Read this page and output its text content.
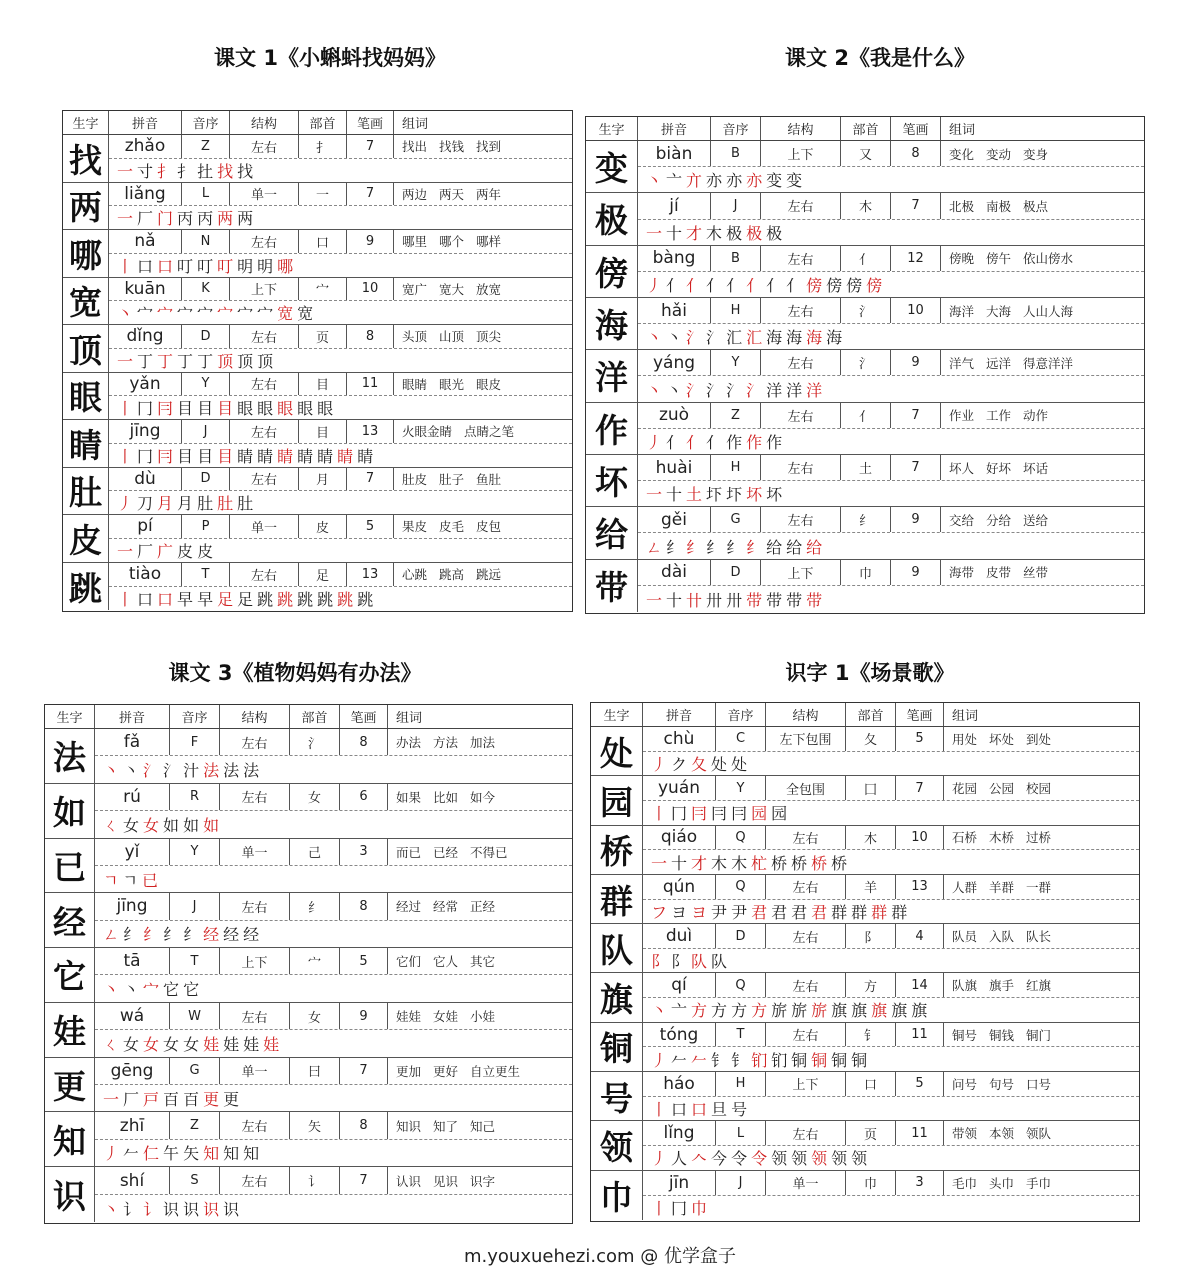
生字	拼音	音序	结构	部首	笔画	组词
找	zhǎo	Z	左右	扌	7	找出 找钱 找到
一 寸 扌 扌 扗 找 找
两	liǎng	L	单一	一	7	两边 两天 两年
一 厂 门 丙 丙 两 两
哪	nǎ	N	左右	口	9	哪里 哪个 哪样
丨 口 口 叮 叮 叮 明 明 哪
宽	kuān	K	上下	宀	10	宽广 宽大 放宽
丶 宀 宀 宀 宀 宀 宀 宀 宽 宽
顶	dǐng	D	左右	页	8	头顶 山顶 顶尖
一 丁 丁 丁 丁 顶 顶 顶
眼	yǎn	Y	左右	目	11	眼睛 眼光 眼皮
丨 冂 冃 目 目 目 眼 眼 眼 眼 眼
睛	jīng	J	左右	目	13	火眼金睛 点睛之笔
丨 冂 冃 目 目 目 睛 睛 睛 睛 睛 睛 睛
肚	dù	D	左右	月	7	肚皮 肚子 鱼肚
丿 刀 月 月 肚 肚 肚
皮	pí	P	单一	皮	5	果皮 皮毛 皮包
一 厂 广 皮 皮
跳	tiào	T	左右	足	13	心跳 跳高 跳远
丨 口 口 早 早 足 足 跳 跳 跳 跳 跳 跳
生字	拼音	音序	结构	部首	笔画	组词
变	biàn	B	上下	又	8	变化 变动 变身
丶 亠 亣 亦 亦 亦 变 变
极	jí	J	左右	木	7	北极 南极 极点
一 十 才 木 极 极 极
傍	bàng	B	左右	亻	12	傍晚 傍午 依山傍水
丿 亻 亻 亻 亻 亻 亻 亻 傍 傍 傍 傍
海	hǎi	H	左右	氵	10	海洋 大海 人山人海
丶 丶 氵 氵 汇 汇 海 海 海 海
洋	yáng	Y	左右	氵	9	洋气 远洋 得意洋洋
丶 丶 氵 氵 氵 氵 洋 洋 洋
作	zuò	Z	左右	亻	7	作业 工作 动作
丿 亻 亻 亻 作 作 作
坏	huài	H	左右	土	7	坏人 好坏 坏话
一 十 土 圷 圷 坏 坏
给	gěi	G	左右	纟	9	交给 分给 送给
ㄥ 纟 纟 纟 纟 纟 给 给 给
带	dài	D	上下	巾	9	海带 皮带 丝带
一 十 卄 卅 卅 带 带 带 带
生字	拼音	音序	结构	部首	笔画	组词
法	fǎ	F	左右	氵	8	办法 方法 加法
丶 丶 氵 氵 汁 法 法 法
如	rú	R	左右	女	6	如果 比如 如今
ㄑ 女 女 如 如 如
已	yǐ	Y	单一	己	3	而已 已经 不得已
ㄱ ㄱ 已
经	jīng	J	左右	纟	8	经过 经常 正经
ㄥ 纟 纟 纟 纟 经 经 经
它	tā	T	上下	宀	5	它们 它人 其它
丶 丶 宀 它 它
娃	wá	W	左右	女	9	娃娃 女娃 小娃
ㄑ 女 女 女 女 娃 娃 娃 娃
更	gēng	G	单一	曰	7	更加 更好 自立更生
一 厂 戸 百 百 更 更
知	zhī	Z	左右	矢	8	知识 知了 知己
丿 𠂉 仁 午 矢 知 知 知
识	shí	S	左右	讠	7	认识 见识 识字
丶 讠 讠 识 识 识 识
生字	拼音	音序	结构	部首	笔画	组词
处	chù	C	左下包围	夂	5	用处 坏处 到处
丿 ク 夂 处 处
园	yuán	Y	全包围	囗	7	花园 公园 校园
丨 冂 冃 冃 冃 园 园
桥	qiáo	Q	左右	木	10	石桥 木桥 过桥
一 十 才 木 木 杧 桥 桥 桥 桥
群	qún	Q	左右	羊	13	人群 羊群 一群
フ ヨ ヨ 尹 尹 君 君 君 君 群 群 群 群
队	duì	D	左右	阝	4	队员 入队 队长
阝 阝 队 队
旗	qí	Q	左右	方	14	队旗 旗手 红旗
丶 亠 方 方 方 方 旂 旂 旂 旗 旗 旗 旗 旗
铜	tóng	T	左右	钅	11	铜号 铜钱 铜门
丿 𠂉 𠂉 钅 钅 钔 钔 铜 铜 铜 铜
号	háo	H	上下	口	5	问号 句号 口号
丨 口 口 旦 号
领	lǐng	L	左右	页	11	带领 本领 领队
丿 人 𠆢 今 令 令 领 领 领 领 领
巾	jīn	J	单一	巾	3	毛巾 头巾 手巾
丨 冂 巾
m.youxuehezi.com @ 优学盒子
课文 1《小蝌蚪找妈妈》	课文 2《我是什么》
课文 3《植物妈妈有办法》	识字 1《场景歌》
